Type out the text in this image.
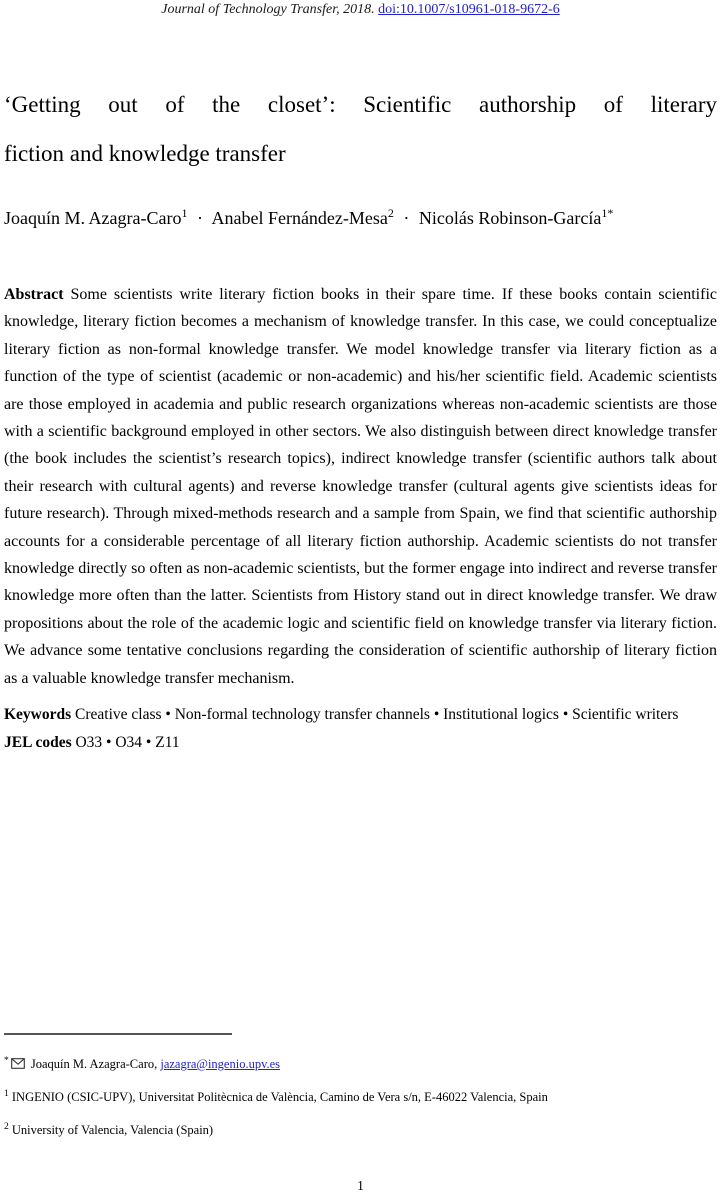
Journal of Technology Transfer, 2018. doi:10.1007/s10961-018-9672-6
‘Getting out of the closet’: Scientific authorship of literary
fiction and knowledge transfer
Joaquín M. Azagra-Caro$^1$ · Anabel Fernández-Mesa$^2$ · Nicolás Robinson-García$^{1*}$

Abstract Some scientists write literary fiction books in their spare time. If these books contain scientific knowledge, literary fiction becomes a mechanism of knowledge transfer. In this case, we could conceptualize literary fiction as non-formal knowledge transfer. We model knowledge transfer via literary fiction as a function of the type of scientist (academic or non-academic) and his/her scientific field. Academic scientists are those employed in academia and public research organizations whereas non-academic scientists are those with a scientific background employed in other sectors. We also distinguish between direct knowledge transfer (the book includes the scientist’s research topics), indirect knowledge transfer (scientific authors talk about their research with cultural agents) and reverse knowledge transfer (cultural agents give scientists ideas for future research). Through mixed-methods research and a sample from Spain, we find that scientific authorship accounts for a considerable percentage of all literary fiction authorship. Academic scientists do not transfer knowledge directly so often as non-academic scientists, but the former engage into indirect and reverse transfer knowledge more often than the latter. Scientists from History stand out in direct knowledge transfer. We draw propositions about the role of the academic logic and scientific field on knowledge transfer via literary fiction. We advance some tentative conclusions regarding the consideration of scientific authorship of literary fiction as a valuable knowledge transfer mechanism.

Keywords Creative class • Non-formal technology transfer channels • Institutional logics • Scientific writers

JEL codes O33 • O34 • Z11

* Joaquín M. Azagra-Caro, jazagra@ingenio.upv.es
$^1$ INGENIO (CSIC-UPV), Universitat Politècnica de València, Camino de Vera s/n, E-46022 Valencia, Spain
$^2$ University of Valencia, Valencia (Spain)
1
